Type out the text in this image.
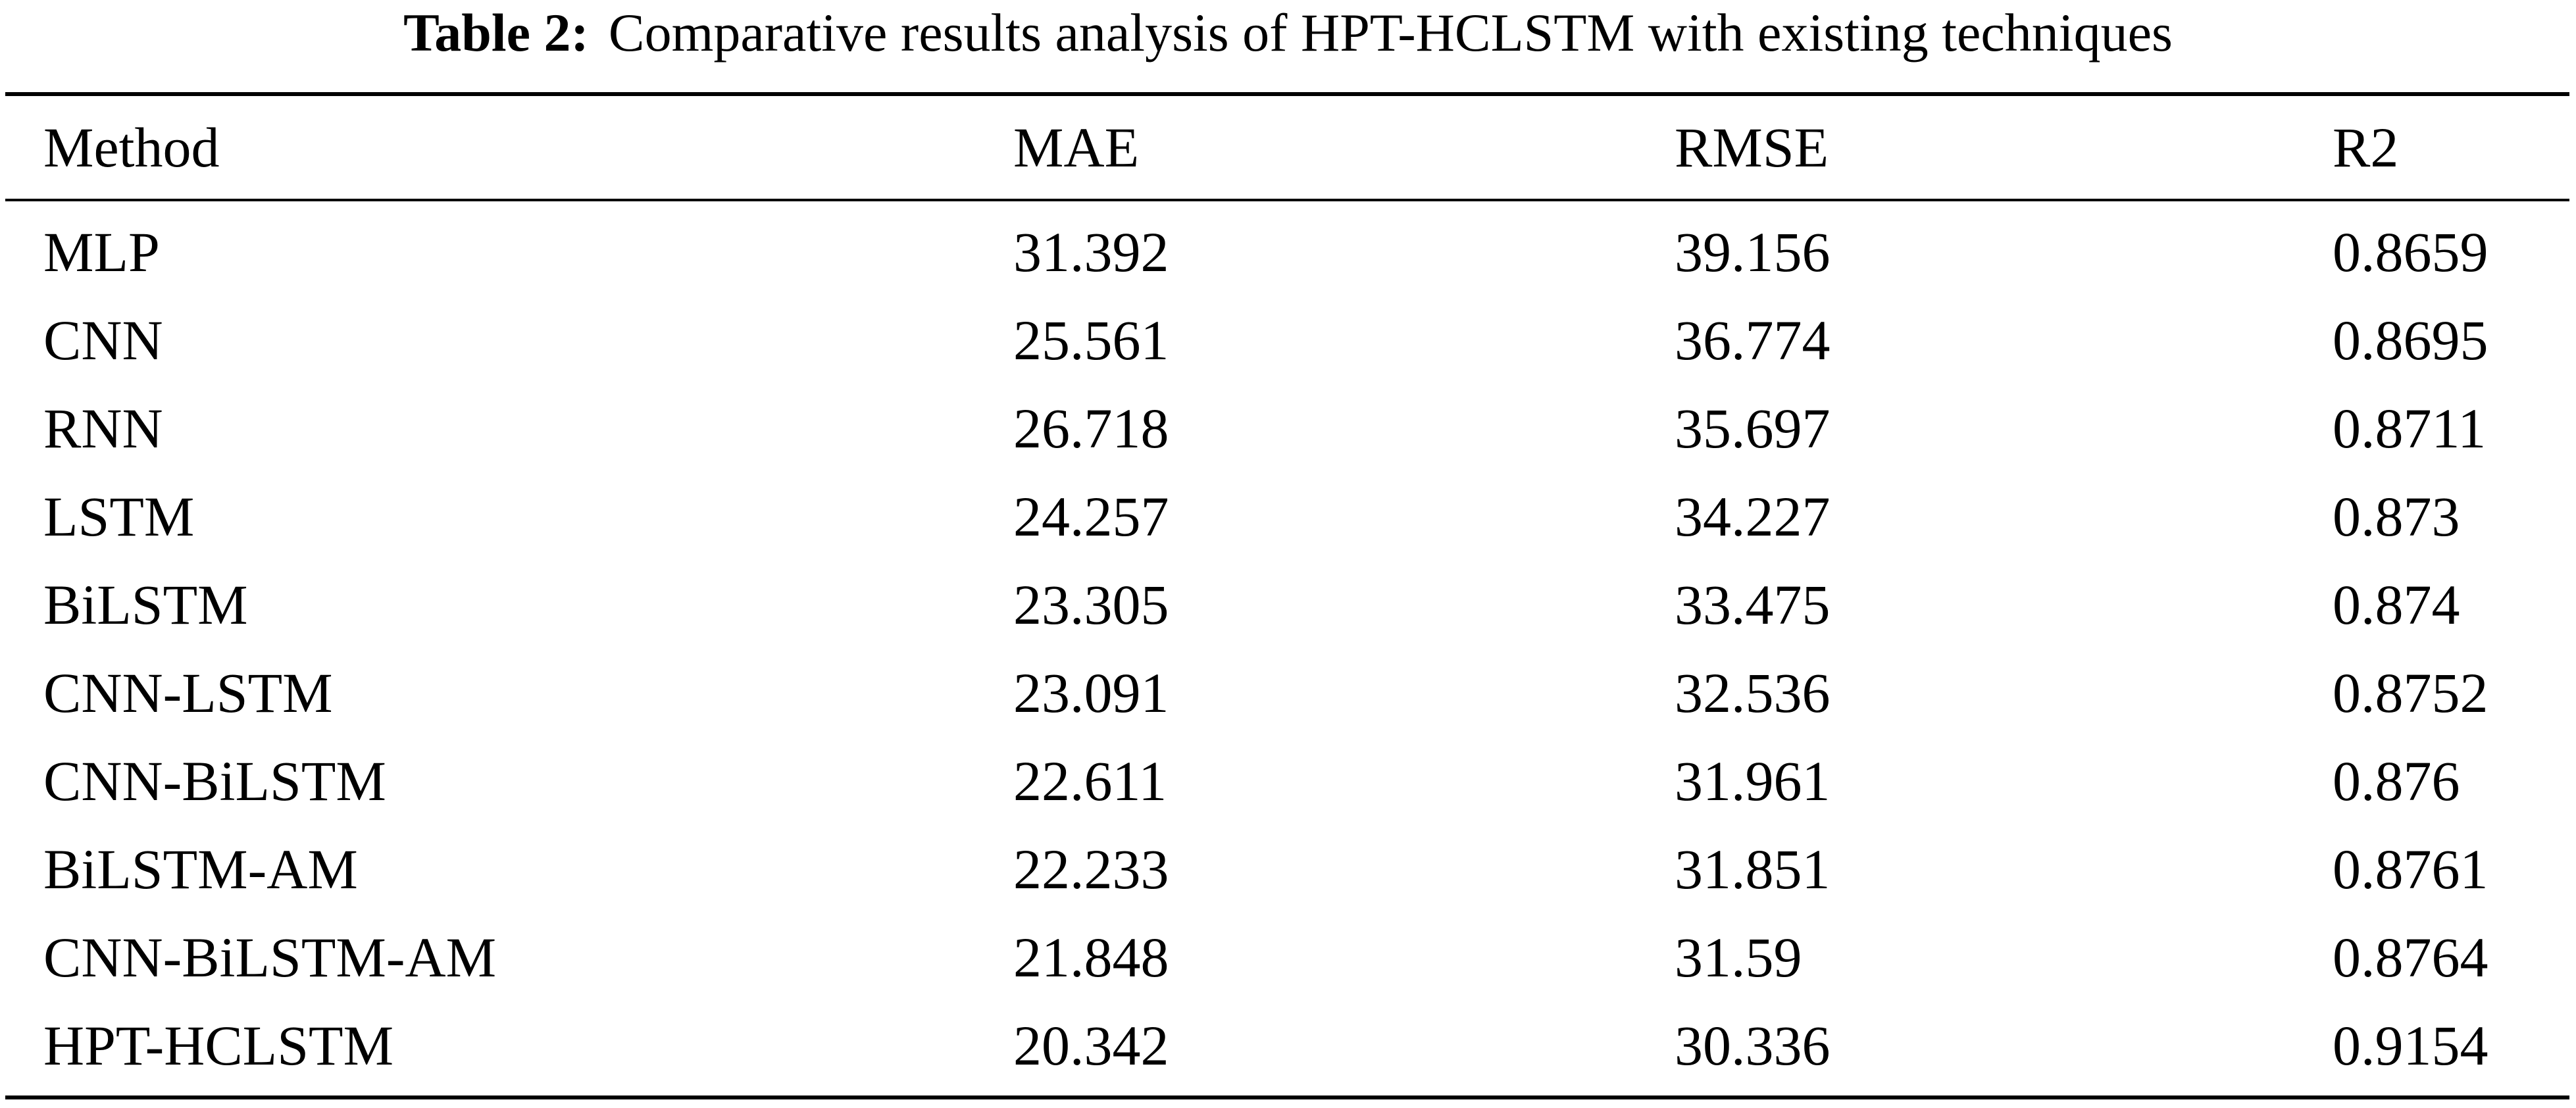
Table 2: Comparative results analysis of HPT-HCLSTM with existing techniques
Method	MAE	RMSE	R2
MLP	31.392	39.156	0.8659
CNN	25.561	36.774	0.8695
RNN	26.718	35.697	0.8711
LSTM	24.257	34.227	0.873
BiLSTM	23.305	33.475	0.874
CNN-LSTM	23.091	32.536	0.8752
CNN-BiLSTM	22.611	31.961	0.876
BiLSTM-AM	22.233	31.851	0.8761
CNN-BiLSTM-AM	21.848	31.59	0.8764
HPT-HCLSTM	20.342	30.336	0.9154
